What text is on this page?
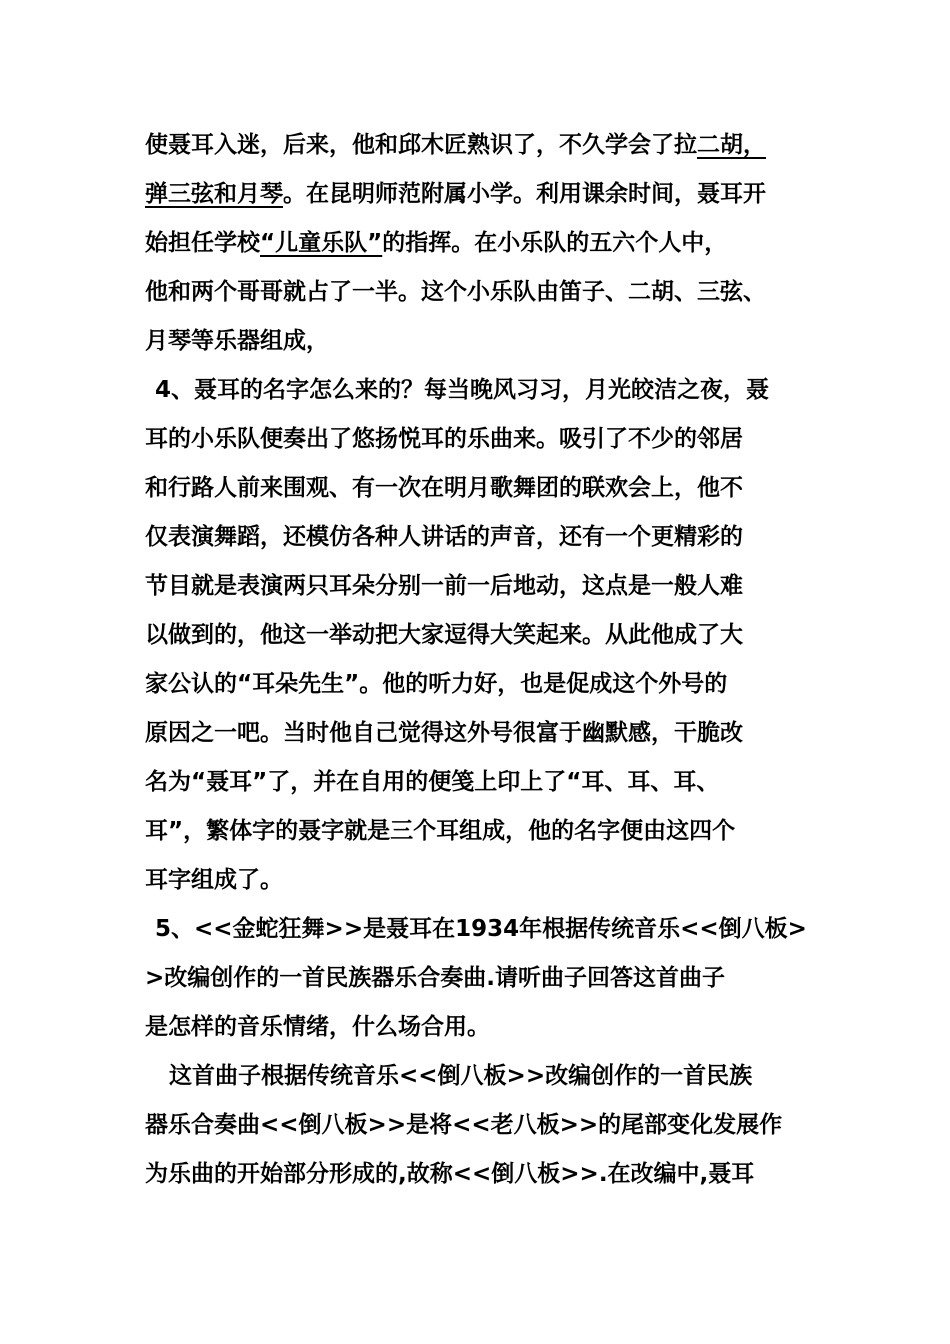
使聂耳入迷，后来，他和邱木匠熟识了，不久学会了拉二胡，
弹三弦和月琴。在昆明师范附属小学。利用课余时间，聂耳开
始担任学校“儿童乐队”的指挥。在小乐队的五六个人中，
他和两个哥哥就占了一半。这个小乐队由笛子、二胡、三弦、
月琴等乐器组成，
4、聂耳的名字怎么来的？每当晚风习习，月光皎洁之夜，聂
耳的小乐队便奏出了悠扬悦耳的乐曲来。吸引了不少的邻居
和行路人前来围观、有一次在明月歌舞团的联欢会上，他不
仅表演舞蹈，还模仿各种人讲话的声音，还有一个更精彩的
节目就是表演两只耳朵分别一前一后地动，这点是一般人难
以做到的，他这一举动把大家逗得大笑起来。从此他成了大
家公认的“耳朵先生”。他的听力好，也是促成这个外号的
原因之一吧。当时他自己觉得这外号很富于幽默感，干脆改
名为“聂耳”了，并在自用的便笺上印上了“耳、耳、耳、
耳”，繁体字的聂字就是三个耳组成，他的名字便由这四个
耳字组成了。
5、<<金蛇狂舞>>是聂耳在1934年根据传统音乐<<倒八板>
>改编创作的一首民族器乐合奏曲.请听曲子回答这首曲子
是怎样的音乐情绪，什么场合用。
这首曲子根据传统音乐<<倒八板>>改编创作的一首民族
器乐合奏曲<<倒八板>>是将<<老八板>>的尾部变化发展作
为乐曲的开始部分形成的,故称<<倒八板>>.在改编中,聂耳
